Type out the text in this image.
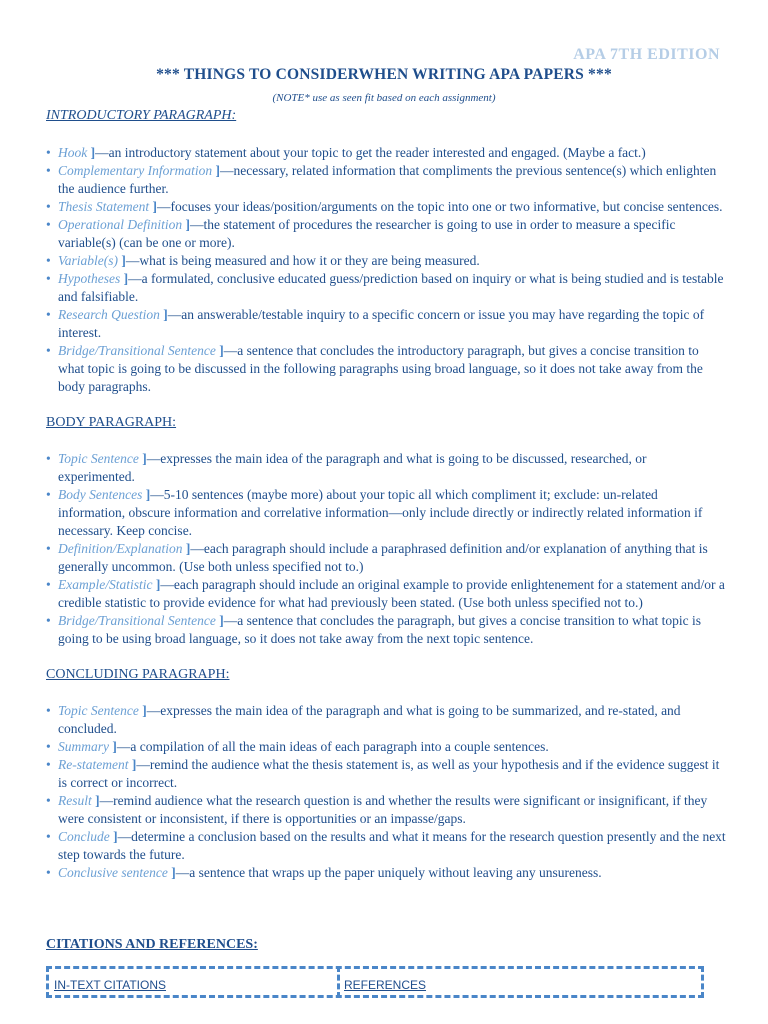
APA 7TH EDITION
*** THINGS TO CONSIDERWHEN WRITING APA PAPERS ***
(NOTE* use as seen fit based on each assignment)
INTRODUCTORY PARAGRAPH:
• Hook ]—an introductory statement about your topic to get the reader interested and engaged. (Maybe a fact.)
• Complementary Information ]—necessary, related information that compliments the previous sentence(s) which enlighten the audience further.
• Thesis Statement ]—focuses your ideas/position/arguments on the topic into one or two informative, but concise sentences.
• Operational Definition ]—the statement of procedures the researcher is going to use in order to measure a specific variable(s) (can be one or more).
• Variable(s) ]—what is being measured and how it or they are being measured.
• Hypotheses ]—a formulated, conclusive educated guess/prediction based on inquiry or what is being studied and is testable and falsifiable.
• Research Question ]—an answerable/testable inquiry to a specific concern or issue you may have regarding the topic of interest.
• Bridge/Transitional Sentence ]—a sentence that concludes the introductory paragraph, but gives a concise transition to what topic is going to be discussed in the following paragraphs using broad language, so it does not take away from the body paragraphs.
BODY PARAGRAPH:
• Topic Sentence ]—expresses the main idea of the paragraph and what is going to be discussed, researched, or experimented.
• Body Sentences ]—5-10 sentences (maybe more) about your topic all which compliment it; exclude: un-related information, obscure information and correlative information—only include directly or indirectly related information if necessary. Keep concise.
• Definition/Explanation ]—each paragraph should include a paraphrased definition and/or explanation of anything that is generally uncommon. (Use both unless specified not to.)
• Example/Statistic ]—each paragraph should include an original example to provide enlightenement for a statement and/or a credible statistic to provide evidence for what had previously been stated. (Use both unless specified not to.)
• Bridge/Transitional Sentence ]—a sentence that concludes the paragraph, but gives a concise transition to what topic is going to be using broad language, so it does not take away from the next topic sentence.
CONCLUDING PARAGRAPH:
• Topic Sentence ]—expresses the main idea of the paragraph and what is going to be summarized, and re-stated, and concluded.
• Summary ]—a compilation of all the main ideas of each paragraph into a couple sentences.
• Re-statement ]—remind the audience what the thesis statement is, as well as your hypothesis and if the evidence suggest it is correct or incorrect.
• Result ]—remind audience what the research question is and whether the results were significant or insignificant, if they were consistent or inconsistent, if there is opportunities or an impasse/gaps.
• Conclude ]—determine a conclusion based on the results and what it means for the research question presently and the next step towards the future.
• Conclusive sentence ]—a sentence that wraps up the paper uniquely without leaving any unsureness.
CITATIONS AND REFERENCES:
IN-TEXT CITATIONS	REFERENCES
